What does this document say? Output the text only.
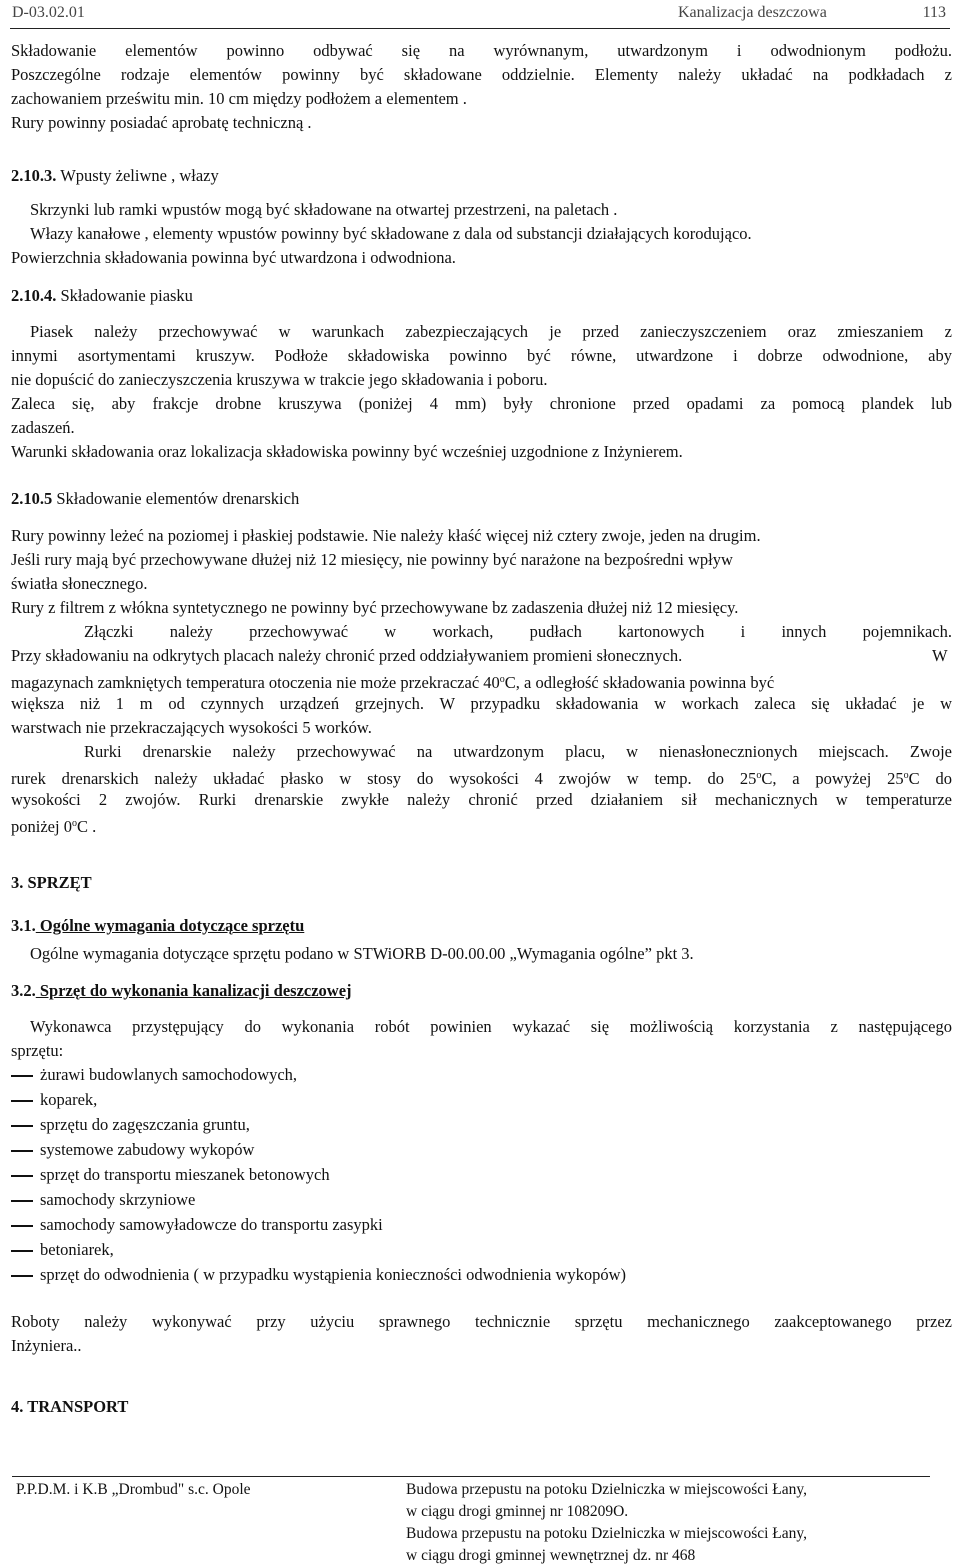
D-03.02.01	Kanalizacja deszczowa	113
Składowanie elementów powinno odbywać się na wyrównanym, utwardzonym i odwodnionym podłożu.
Poszczególne rodzaje elementów powinny być składowane oddzielnie. Elementy należy układać na podkładach z
zachowaniem prześwitu min. 10 cm między podłożem a elementem .
Rury powinny posiadać aprobatę techniczną .
2.10.3. Wpusty żeliwne , włazy
Skrzynki lub ramki wpustów mogą być składowane na otwartej przestrzeni, na paletach .
Włazy kanałowe , elementy wpustów powinny być składowane z dala od substancji działających korodująco.
Powierzchnia składowania powinna być utwardzona i odwodniona.
2.10.4. Składowanie piasku
Piasek należy przechowywać w warunkach zabezpieczających je przed zanieczyszczeniem oraz zmieszaniem z
innymi asortymentami kruszyw. Podłoże składowiska powinno być równe, utwardzone i dobrze odwodnione, aby
nie dopuścić do zanieczyszczenia kruszywa w trakcie jego składowania i poboru.
Zaleca się, aby frakcje drobne kruszywa (poniżej 4 mm) były chronione przed opadami za pomocą plandek lub
zadaszeń.
Warunki składowania oraz lokalizacja składowiska powinny być wcześniej uzgodnione z Inżynierem.
2.10.5 Składowanie elementów drenarskich
Rury powinny leżeć na poziomej i płaskiej podstawie. Nie należy kłaść więcej niż cztery zwoje, jeden na drugim.
Jeśli rury mają być przechowywane dłużej niż 12 miesięcy, nie powinny być narażone na bezpośredni wpływ
światła słonecznego.
Rury z filtrem z włókna syntetycznego ne powinny być przechowywane bz zadaszenia dłużej niż 12 miesięcy.
Złączki należy przechowywać w workach, pudłach kartonowych i innych pojemnikach.
Przy składowaniu na odkrytych placach należy chronić przed oddziaływaniem promieni słonecznych.	W
magazynach zamkniętych temperatura otoczenia nie może przekraczać 40$^o$C, a odległość składowania powinna być
większa niż 1 m od czynnych urządzeń grzejnych. W przypadku składowania w workach zaleca się układać je w
warstwach nie przekraczających wysokości 5 worków.
Rurki drenarskie należy przechowywać na utwardzonym placu, w nienasłonecznionych miejscach. Zwoje
rurek drenarskich należy układać płasko w stosy do wysokości 4 zwojów w temp. do 25$^o$C, a powyżej 25$^o$C do
wysokości 2 zwojów. Rurki drenarskie zwykłe należy chronić przed działaniem sił mechanicznych w temperaturze
poniżej 0$^o$C .
3. SPRZĘT
3.1. Ogólne wymagania dotyczące sprzętu
Ogólne wymagania dotyczące sprzętu podano w STWiORB D-00.00.00 „Wymagania ogólne” pkt 3.
3.2. Sprzęt do wykonania kanalizacji deszczowej
Wykonawca przystępujący do wykonania robót powinien wykazać się możliwością korzystania z następującego
sprzętu:
żurawi budowlanych samochodowych,
koparek,
sprzętu do zagęszczania gruntu,
systemowe zabudowy wykopów
sprzęt do transportu mieszanek betonowych
samochody skrzyniowe
samochody samowyładowcze do transportu zasypki
betoniarek,
sprzęt do odwodnienia ( w przypadku wystąpienia konieczności odwodnienia wykopów)
Roboty należy wykonywać przy użyciu sprawnego technicznie sprzętu mechanicznego zaakceptowanego przez
Inżyniera..
4. TRANSPORT
P.P.D.M. i K.B „Drombud" s.c. Opole	Budowa przepustu na potoku Dzielniczka w miejscowości Łany,
w ciągu drogi gminnej nr 108209O.
Budowa przepustu na potoku Dzielniczka w miejscowości Łany,
w ciągu drogi gminnej wewnętrznej dz. nr 468
